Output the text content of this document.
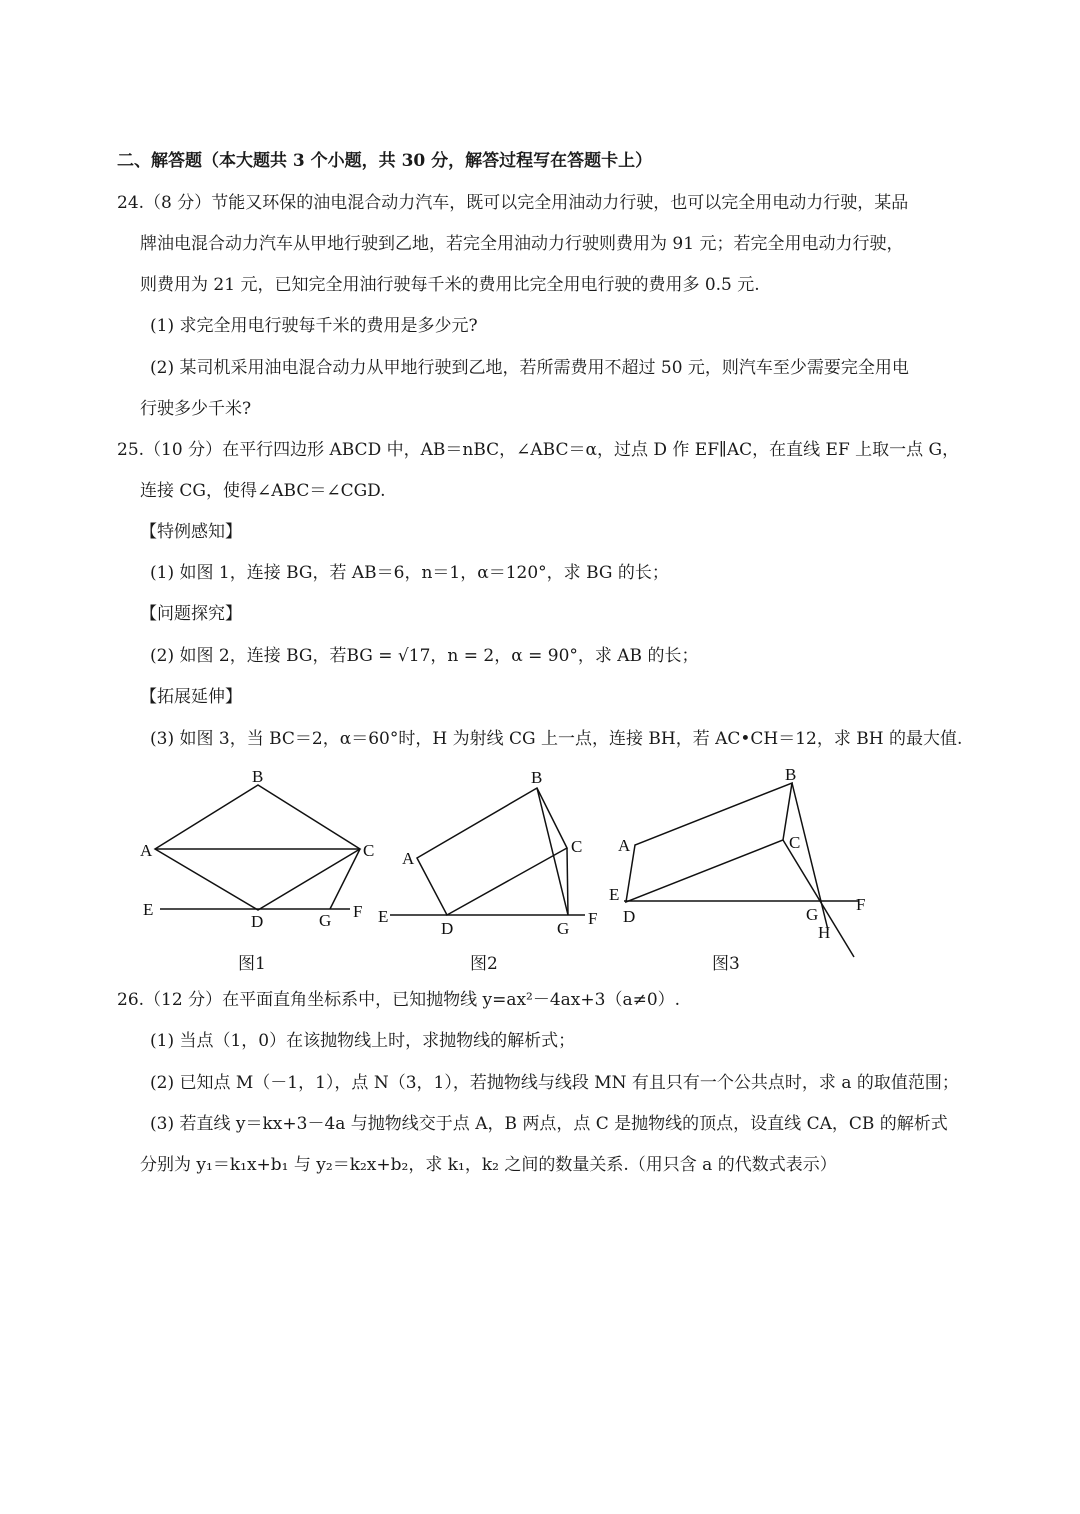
二、解答题（本大题共 3 个小题，共 30 分，解答过程写在答题卡上）
24.（8 分）节能又环保的油电混合动力汽车，既可以完全用油动力行驶，也可以完全用电动力行驶，某品
牌油电混合动力汽车从甲地行驶到乙地，若完全用油动力行驶则费用为 91 元；若完全用电动力行驶，
则费用为 21 元，已知完全用油行驶每千米的费用比完全用电行驶的费用多 0.5 元.
(1) 求完全用电行驶每千米的费用是多少元?
(2) 某司机采用油电混合动力从甲地行驶到乙地，若所需费用不超过 50 元，则汽车至少需要完全用电
行驶多少千米?
25.（10 分）在平行四边形 ABCD 中，AB＝nBC，∠ABC＝α，过点 D 作 EF∥AC，在直线 EF 上取一点 G，
连接 CG，使得∠ABC＝∠CGD.
【特例感知】
(1) 如图 1，连接 BG，若 AB＝6，n＝1，α＝120°，求 BG 的长；
【问题探究】
(2) 如图 2，连接 BG，若BG = √17，n = 2，α = 90°，求 AB 的长；
【拓展延伸】
(3) 如图 3，当 BC＝2，α＝60°时，H 为射线 CG 上一点，连接 BH，若 AC•CH＝12，求 BH 的最大值.
A
B
C
D
E	F
G
A
B
C
D
E	F
G
A
B
C
D
E
F
G
H
图1	图2	图3
26.（12 分）在平面直角坐标系中，已知抛物线 y=ax²－4ax+3（a≠0）.
(1) 当点（1，0）在该抛物线上时，求抛物线的解析式；
(2) 已知点 M（－1，1），点 N（3，1），若抛物线与线段 MN 有且只有一个公共点时，求 a 的取值范围；
(3) 若直线 y＝kx+3－4a 与抛物线交于点 A，B 两点，点 C 是抛物线的顶点，设直线 CA，CB 的解析式
分别为 y₁＝k₁x+b₁ 与 y₂＝k₂x+b₂，求 k₁，k₂ 之间的数量关系.（用只含 a 的代数式表示）
